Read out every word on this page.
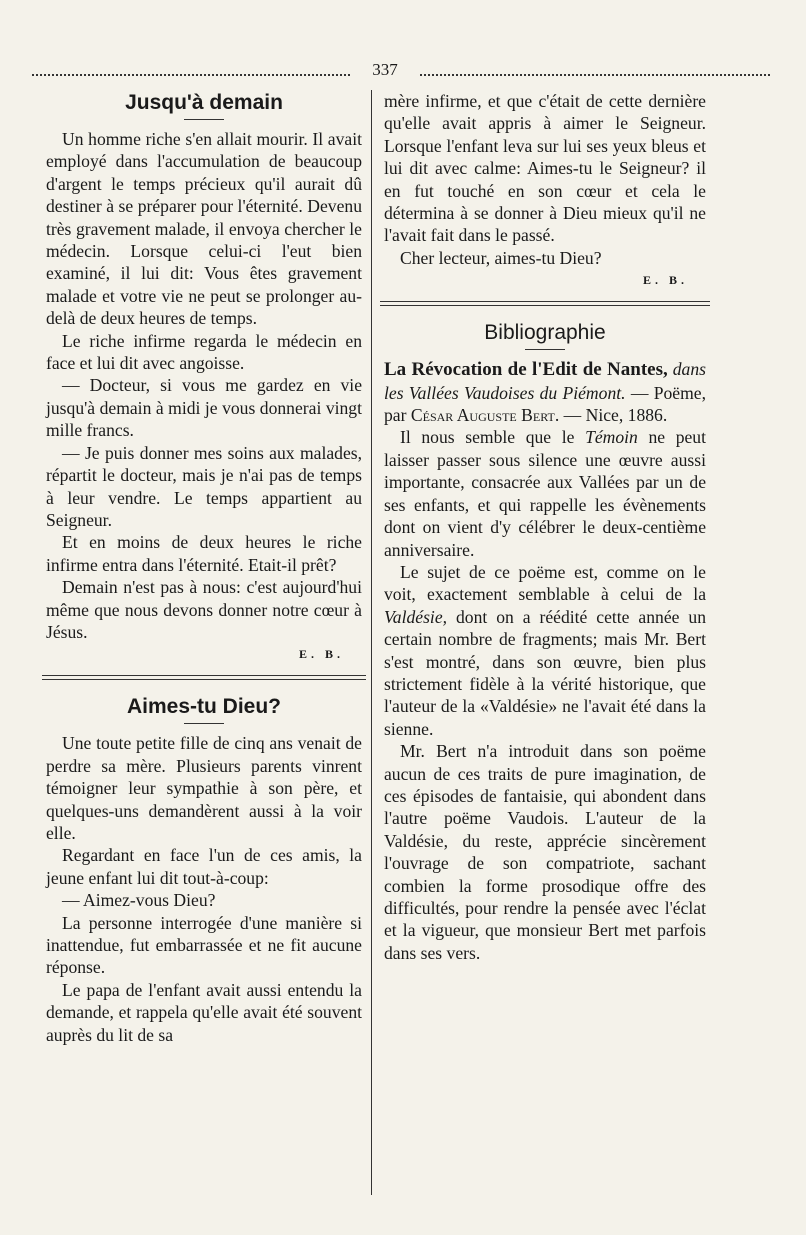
337
Jusqu'à demain

Un homme riche s'en allait mourir. Il avait employé dans l'accumulation de beaucoup d'argent le temps précieux qu'il aurait dû destiner à se préparer pour l'éternité. Devenu très gravement malade, il envoya chercher le médecin. Lorsque celui-ci l'eut bien examiné, il lui dit: Vous êtes gravement malade et votre vie ne peut se prolonger au-delà de deux heures de temps.

Le riche infirme regarda le médecin en face et lui dit avec angoisse.

— Docteur, si vous me gardez en vie jusqu'à demain à midi je vous donnerai vingt mille francs.

— Je puis donner mes soins aux malades, répartit le docteur, mais je n'ai pas de temps à leur vendre. Le temps appartient au Seigneur.

Et en moins de deux heures le riche infirme entra dans l'éternité. Etait-il prêt?

Demain n'est pas à nous: c'est aujourd'hui même que nous devons donner notre cœur à Jésus.

E. B.
Aimes-tu Dieu?

Une toute petite fille de cinq ans venait de perdre sa mère. Plusieurs parents vinrent témoigner leur sympathie à son père, et quelques-uns demandèrent aussi à la voir elle.

Regardant en face l'un de ces amis, la jeune enfant lui dit tout-à-coup:

— Aimez-vous Dieu?

La personne interrogée d'une manière si inattendue, fut embarrassée et ne fit aucune réponse.

Le papa de l'enfant avait aussi entendu la demande, et rappela qu'elle avait été souvent auprès du lit de sa

mère infirme, et que c'était de cette dernière qu'elle avait appris à aimer le Seigneur. Lorsque l'enfant leva sur lui ses yeux bleus et lui dit avec calme: Aimes-tu le Seigneur? il en fut touché en son cœur et cela le détermina à se donner à Dieu mieux qu'il ne l'avait fait dans le passé.

Cher lecteur, aimes-tu Dieu?

E. B.
Bibliographie

La Révocation de l'Edit de Nantes, dans les Vallées Vaudoises du Piémont. — Poëme, par César Auguste Bert. — Nice, 1886.

Il nous semble que le Témoin ne peut laisser passer sous silence une œuvre aussi importante, consacrée aux Vallées par un de ses enfants, et qui rappelle les évènements dont on vient d'y célébrer le deux-centième anniversaire.

Le sujet de ce poëme est, comme on le voit, exactement semblable à celui de la Valdésie, dont on a réédité cette année un certain nombre de fragments; mais Mr. Bert s'est montré, dans son œuvre, bien plus strictement fidèle à la vérité historique, que l'auteur de la «Valdésie» ne l'avait été dans la sienne.

Mr. Bert n'a introduit dans son poëme aucun de ces traits de pure imagination, de ces épisodes de fantaisie, qui abondent dans l'autre poëme Vaudois. L'auteur de la Valdésie, du reste, apprécie sincèrement l'ouvrage de son compatriote, sachant combien la forme prosodique offre des difficultés, pour rendre la pensée avec l'éclat et la vigueur, que monsieur Bert met parfois dans ses vers.
